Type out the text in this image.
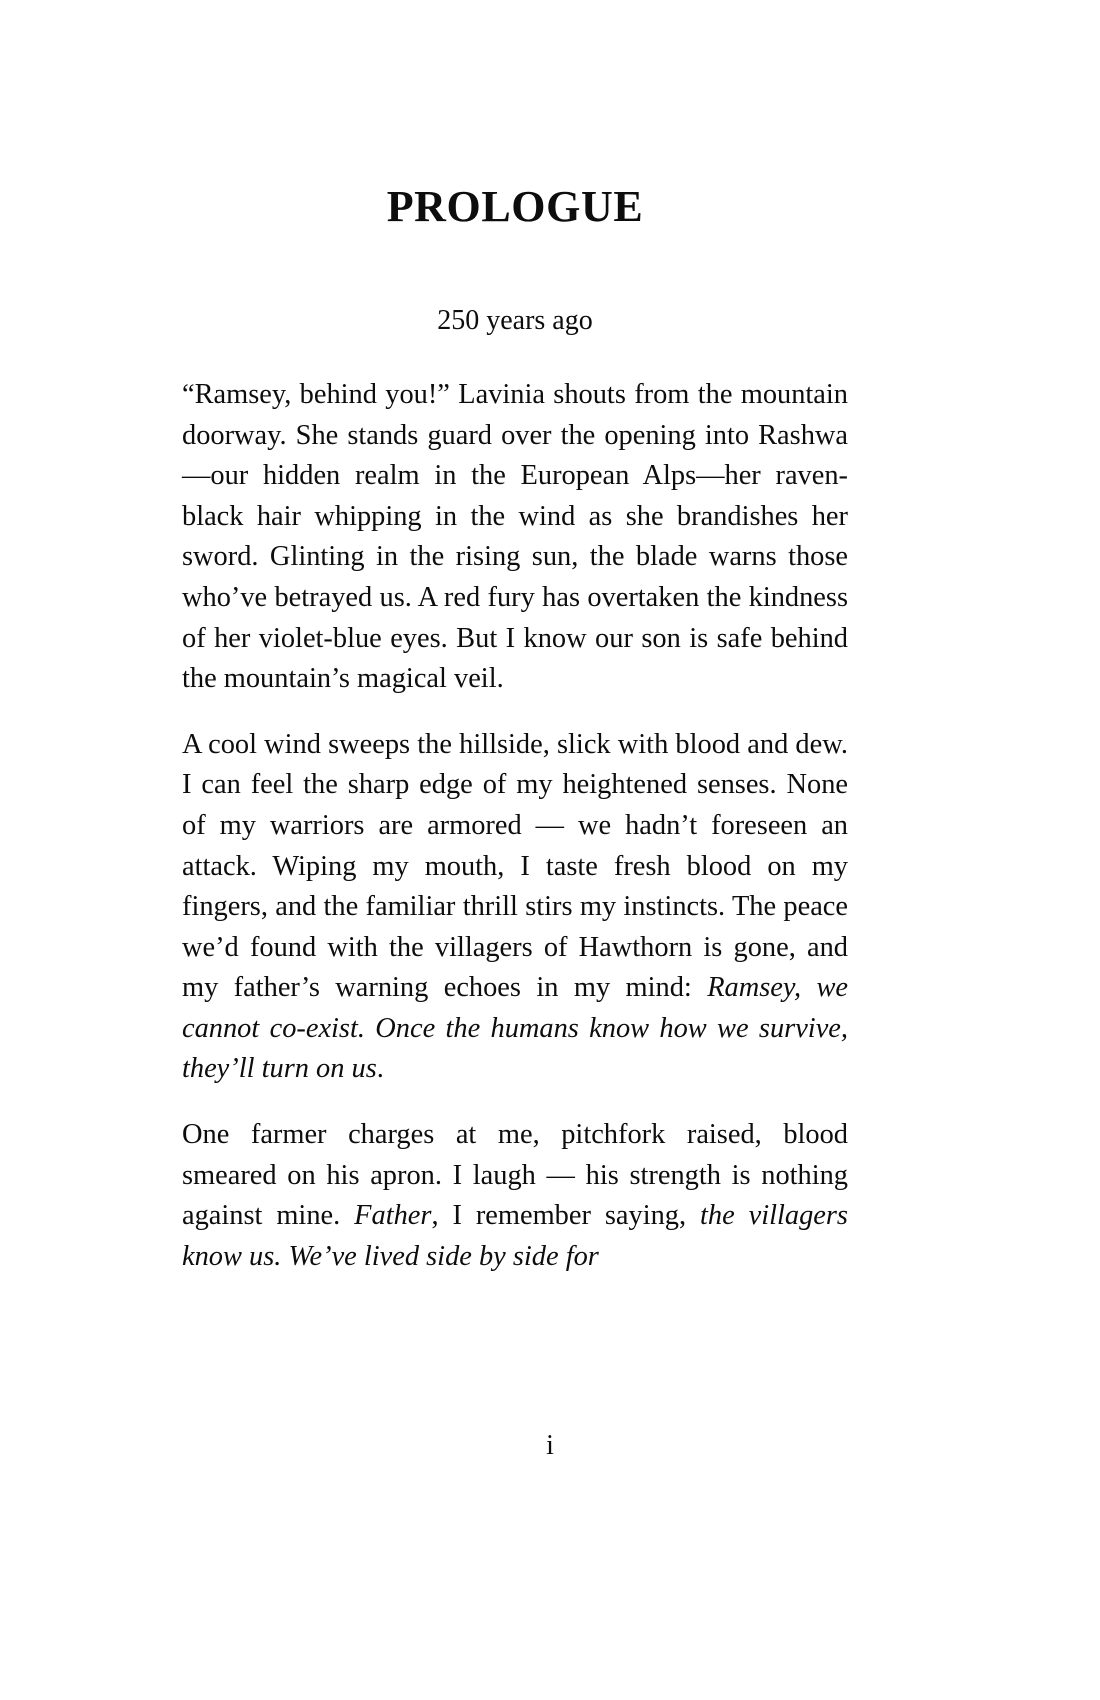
PROLOGUE

250 years ago

“Ramsey, behind you!” Lavinia shouts from the mountain doorway. She stands guard over the opening into Rashwa—our hidden realm in the European Alps—her raven-black hair whipping in the wind as she brandishes her sword. Glinting in the rising sun, the blade warns those who’ve betrayed us. A red fury has overtaken the kindness of her violet-blue eyes. But I know our son is safe behind the mountain’s magical veil.

A cool wind sweeps the hillside, slick with blood and dew. I can feel the sharp edge of my heightened senses. None of my warriors are armored — we hadn’t foreseen an attack. Wiping my mouth, I taste fresh blood on my fingers, and the familiar thrill stirs my instincts. The peace we’d found with the villagers of Hawthorn is gone, and my father’s warning echoes in my mind: Ramsey, we cannot co-exist. Once the humans know how we survive, they’ll turn on us.

One farmer charges at me, pitchfork raised, blood smeared on his apron. I laugh — his strength is nothing against mine. Father, I remember saying, the villagers know us. We’ve lived side by side for

i
